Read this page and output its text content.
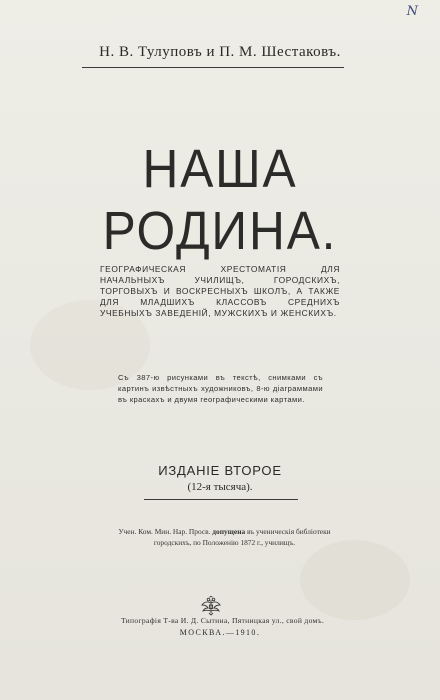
N
Н. В. Тулуповъ и П. М. Шестаковъ.
НАША РОДИНА.
ГЕОГРАФИЧЕСКАЯ ХРЕСТОМАТІЯ ДЛЯ НАЧАЛЬНЫХЪ УЧИЛИЩЪ, ГОРОДСКИХЪ, ТОРГОВЫХЪ И ВОСКРЕСНЫХЪ ШКОЛЪ, А ТАКЖЕ ДЛЯ МЛАДШИХЪ КЛАССОВЪ СРЕДНИХЪ УЧЕБНЫХЪ ЗАВЕДЕНІЙ, МУЖСКИХЪ И ЖЕНСКИХЪ.
Съ 387-ю рисунками въ текстѣ, снимками съ картинъ извѣстныхъ художниковъ, 8-ю діаграммами въ краскахъ и двумя географическими картами.
ИЗДАНІЕ ВТОРОЕ
(12-я тысяча).
Учен. Ком. Мин. Нар. Просв. допущена въ ученическія библіотеки городскихъ, по Положенію 1872 г., училищъ.
Типографія Т-ва И. Д. Сытина, Пятницкая ул., свой домъ.
МОСКВА.—1910.
